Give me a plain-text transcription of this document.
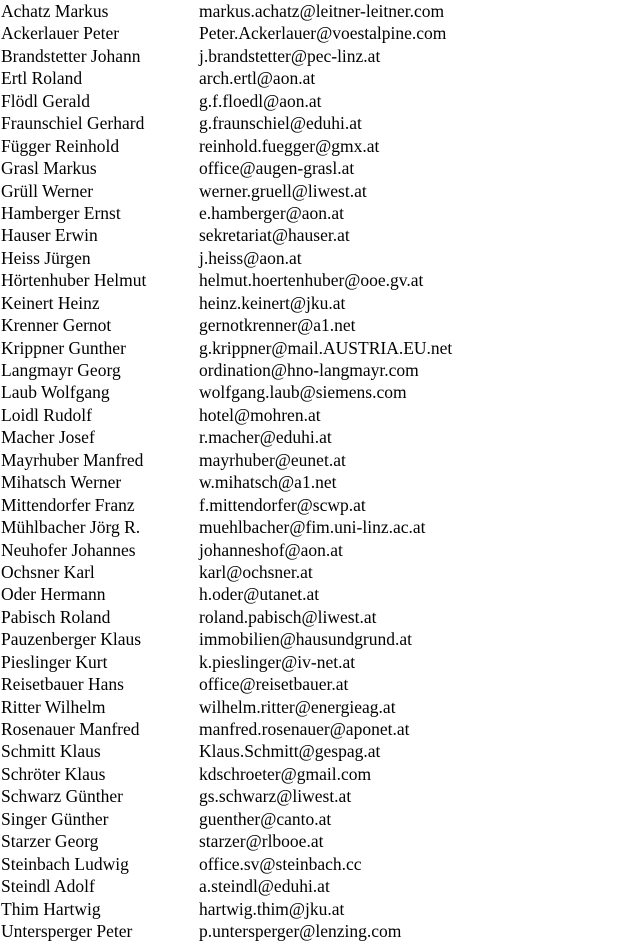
Achatz Markus	markus.achatz@leitner-leitner.com
Ackerlauer Peter	Peter.Ackerlauer@voestalpine.com
Brandstetter Johann	j.brandstetter@pec-linz.at
Ertl Roland	arch.ertl@aon.at
Flödl Gerald	g.f.floedl@aon.at
Fraunschiel Gerhard	g.fraunschiel@eduhi.at
Függer Reinhold	reinhold.fuegger@gmx.at
Grasl Markus	office@augen-grasl.at
Grüll Werner	werner.gruell@liwest.at
Hamberger Ernst	e.hamberger@aon.at
Hauser Erwin	sekretariat@hauser.at
Heiss Jürgen	j.heiss@aon.at
Hörtenhuber Helmut	helmut.hoertenhuber@ooe.gv.at
Keinert Heinz	heinz.keinert@jku.at
Krenner Gernot	gernotkrenner@a1.net
Krippner Gunther	g.krippner@mail.AUSTRIA.EU.net
Langmayr Georg	ordination@hno-langmayr.com
Laub Wolfgang	wolfgang.laub@siemens.com
Loidl Rudolf	hotel@mohren.at
Macher Josef	r.macher@eduhi.at
Mayrhuber Manfred	mayrhuber@eunet.at
Mihatsch Werner	w.mihatsch@a1.net
Mittendorfer Franz	f.mittendorfer@scwp.at
Mühlbacher Jörg R.	muehlbacher@fim.uni-linz.ac.at
Neuhofer Johannes	johanneshof@aon.at
Ochsner Karl	karl@ochsner.at
Oder Hermann	h.oder@utanet.at
Pabisch Roland	roland.pabisch@liwest.at
Pauzenberger Klaus	immobilien@hausundgrund.at
Pieslinger Kurt	k.pieslinger@iv-net.at
Reisetbauer Hans	office@reisetbauer.at
Ritter Wilhelm	wilhelm.ritter@energieag.at
Rosenauer Manfred	manfred.rosenauer@aponet.at
Schmitt Klaus	Klaus.Schmitt@gespag.at
Schröter Klaus	kdschroeter@gmail.com
Schwarz Günther	gs.schwarz@liwest.at
Singer Günther	guenther@canto.at
Starzer Georg	starzer@rlbooe.at
Steinbach Ludwig	office.sv@steinbach.cc
Steindl Adolf	a.steindl@eduhi.at
Thim Hartwig	hartwig.thim@jku.at
Untersperger Peter	p.untersperger@lenzing.com
